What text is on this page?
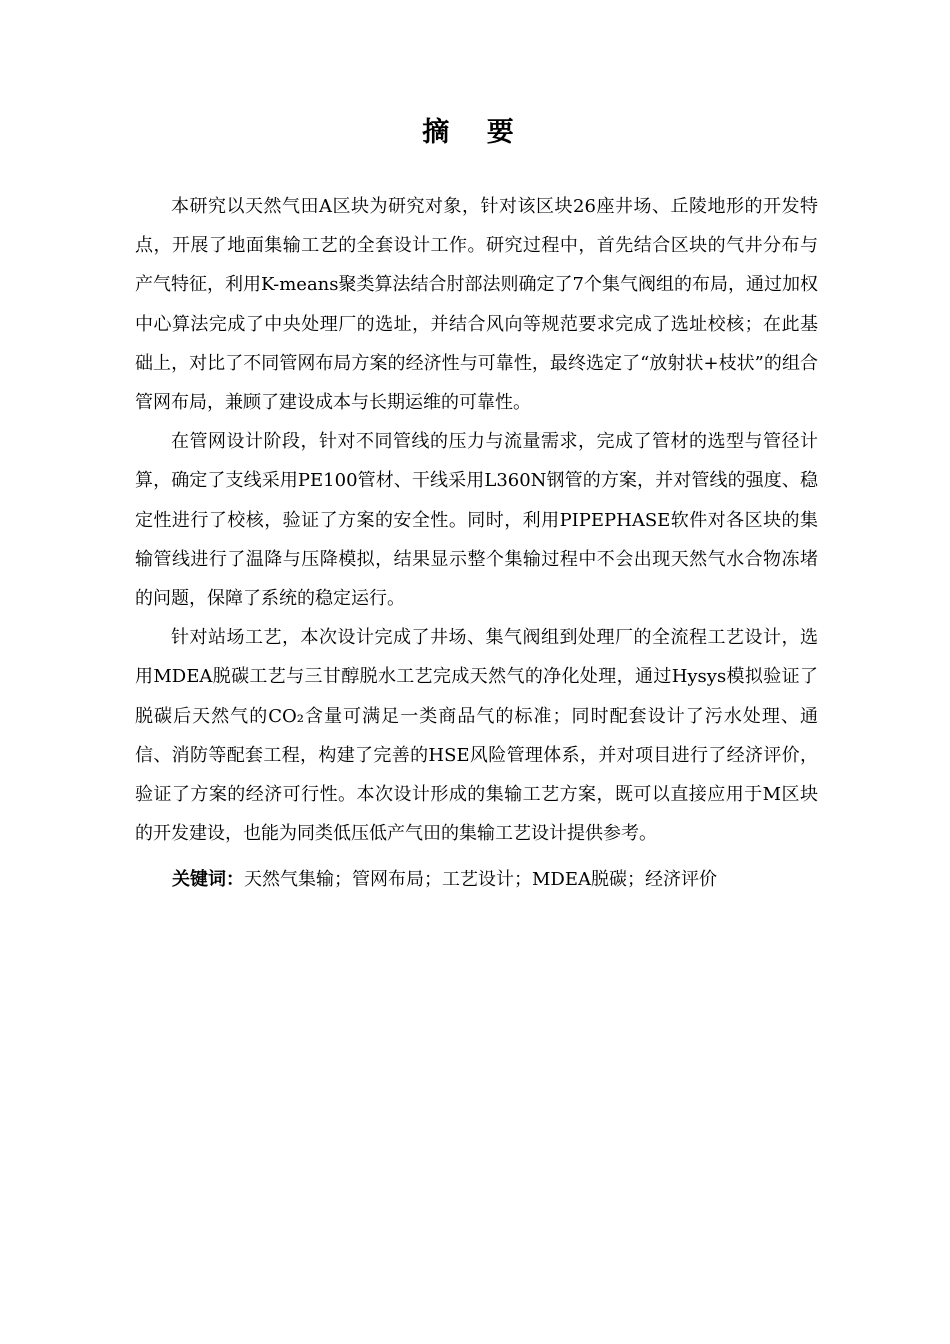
摘 要

本研究以天然气田A区块为研究对象，针对该区块26座井场、丘陵地形的开发特点，开展了地面集输工艺的全套设计工作。研究过程中，首先结合区块的气井分布与产气特征，利用K-means聚类算法结合肘部法则确定了7个集气阀组的布局，通过加权中心算法完成了中央处理厂的选址，并结合风向等规范要求完成了选址校核；在此基础上，对比了不同管网布局方案的经济性与可靠性，最终选定了“放射状+枝状”的组合管网布局，兼顾了建设成本与长期运维的可靠性。

在管网设计阶段，针对不同管线的压力与流量需求，完成了管材的选型与管径计算，确定了支线采用PE100管材、干线采用L360N钢管的方案，并对管线的强度、稳定性进行了校核，验证了方案的安全性。同时，利用PIPEPHASE软件对各区块的集输管线进行了温降与压降模拟，结果显示整个集输过程中不会出现天然气水合物冻堵的问题，保障了系统的稳定运行。

针对站场工艺，本次设计完成了井场、集气阀组到处理厂的全流程工艺设计，选用MDEA脱碳工艺与三甘醇脱水工艺完成天然气的净化处理，通过Hysys模拟验证了脱碳后天然气的CO₂含量可满足一类商品气的标准；同时配套设计了污水处理、通信、消防等配套工程，构建了完善的HSE风险管理体系，并对项目进行了经济评价，验证了方案的经济可行性。本次设计形成的集输工艺方案，既可以直接应用于M区块的开发建设，也能为同类低压低产气田的集输工艺设计提供参考。

关键词：天然气集输；管网布局；工艺设计；MDEA脱碳；经济评价
